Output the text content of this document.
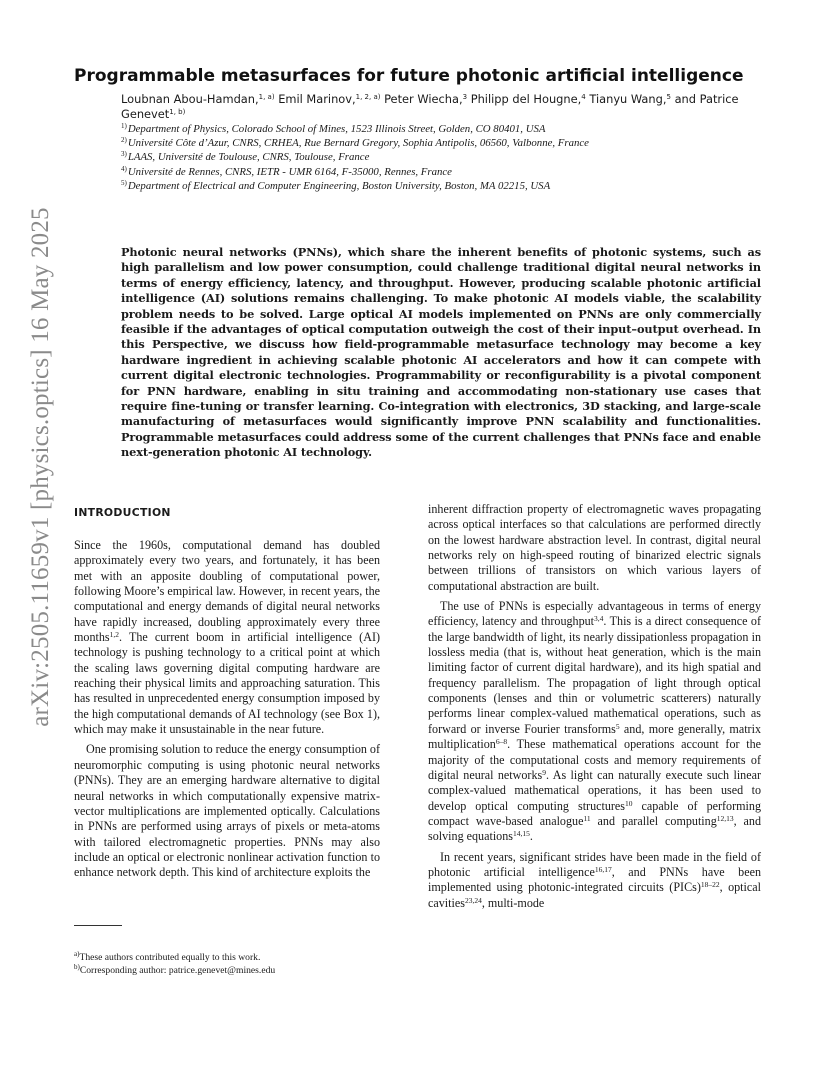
arXiv:2505.11659v1 [physics.optics] 16 May 2025
Programmable metasurfaces for future photonic artificial intelligence
Loubnan Abou-Hamdan,$^{1, a)}$ Emil Marinov,$^{1, 2, a)}$ Peter Wiecha,$^3$ Philipp del Hougne,$^4$ Tianyu Wang,$^5$ and Patrice Genevet$^{1, b)}$
$^{1)}$Department of Physics, Colorado School of Mines, 1523 Illinois Street, Golden, CO 80401, USA
$^{2)}$Université Côte d’Azur, CNRS, CRHEA, Rue Bernard Gregory, Sophia Antipolis, 06560, Valbonne, France
$^{3)}$LAAS, Université de Toulouse, CNRS, Toulouse, France
$^{4)}$Université de Rennes, CNRS, IETR - UMR 6164, F-35000, Rennes, France
$^{5)}$Department of Electrical and Computer Engineering, Boston University, Boston, MA 02215, USA

Photonic neural networks (PNNs), which share the inherent benefits of photonic systems, such as high parallelism and low power consumption, could challenge traditional digital neural networks in terms of energy efficiency, latency, and throughput. However, producing scalable photonic artificial intelligence (AI) solutions remains challenging. To make photonic AI models viable, the scalability problem needs to be solved. Large optical AI models implemented on PNNs are only commercially feasible if the advantages of optical computation outweigh the cost of their input–output overhead. In this Perspective, we discuss how field-programmable metasurface technology may become a key hardware ingredient in achieving scalable photonic AI accelerators and how it can compete with current digital electronic technologies. Programmability or reconfigurability is a pivotal component for PNN hardware, enabling in situ training and accommodating non-stationary use cases that require fine-tuning or transfer learning. Co-integration with electronics, 3D stacking, and large-scale manufacturing of metasurfaces would significantly improve PNN scalability and functionalities. Programmable metasurfaces could address some of the current challenges that PNNs face and enable next-generation photonic AI technology.

INTRODUCTION

Since the 1960s, computational demand has doubled approximately every two years, and fortunately, it has been met with an apposite doubling of computational power, following Moore’s empirical law. However, in recent years, the computational and energy demands of digital neural networks have rapidly increased, doubling approximately every three months$^{1,2}$. The current boom in artificial intelligence (AI) technology is pushing technology to a critical point at which the scaling laws governing digital computing hardware are reaching their physical limits and approaching saturation. This has resulted in unprecedented energy consumption imposed by the high computational demands of AI technology (see Box 1), which may make it unsustainable in the near future.

One promising solution to reduce the energy consumption of neuromorphic computing is using photonic neural networks (PNNs). They are an emerging hardware alternative to digital neural networks in which computationally expensive matrix-vector multiplications are implemented optically. Calculations in PNNs are performed using arrays of pixels or meta-atoms with tailored electromagnetic properties. PNNs may also include an optical or electronic nonlinear activation function to enhance network depth. This kind of architecture exploits the

inherent diffraction property of electromagnetic waves propagating across optical interfaces so that calculations are performed directly on the lowest hardware abstraction level. In contrast, digital neural networks rely on high-speed routing of binarized electric signals between trillions of transistors on which various layers of computational abstraction are built.

The use of PNNs is especially advantageous in terms of energy efficiency, latency and throughput$^{3,4}$. This is a direct consequence of the large bandwidth of light, its nearly dissipationless propagation in lossless media (that is, without heat generation, which is the main limiting factor of current digital hardware), and its high spatial and frequency parallelism. The propagation of light through optical components (lenses and thin or volumetric scatterers) naturally performs linear complex-valued mathematical operations, such as forward or inverse Fourier transforms$^5$ and, more generally, matrix multiplication$^{6-8}$. These mathematical operations account for the majority of the computational costs and memory requirements of digital neural networks$^9$. As light can naturally execute such linear complex-valued mathematical operations, it has been used to develop optical computing structures$^{10}$ capable of performing compact wave-based analogue$^{11}$ and parallel computing$^{12,13}$, and solving equations$^{14,15}$.

In recent years, significant strides have been made in the field of photonic artificial intelligence$^{16,17}$, and PNNs have been implemented using photonic-integrated circuits (PICs)$^{18-22}$, optical cavities$^{23,24}$, multi-mode

$^{a)}$These authors contributed equally to this work.
$^{b)}$Corresponding author: patrice.genevet@mines.edu
